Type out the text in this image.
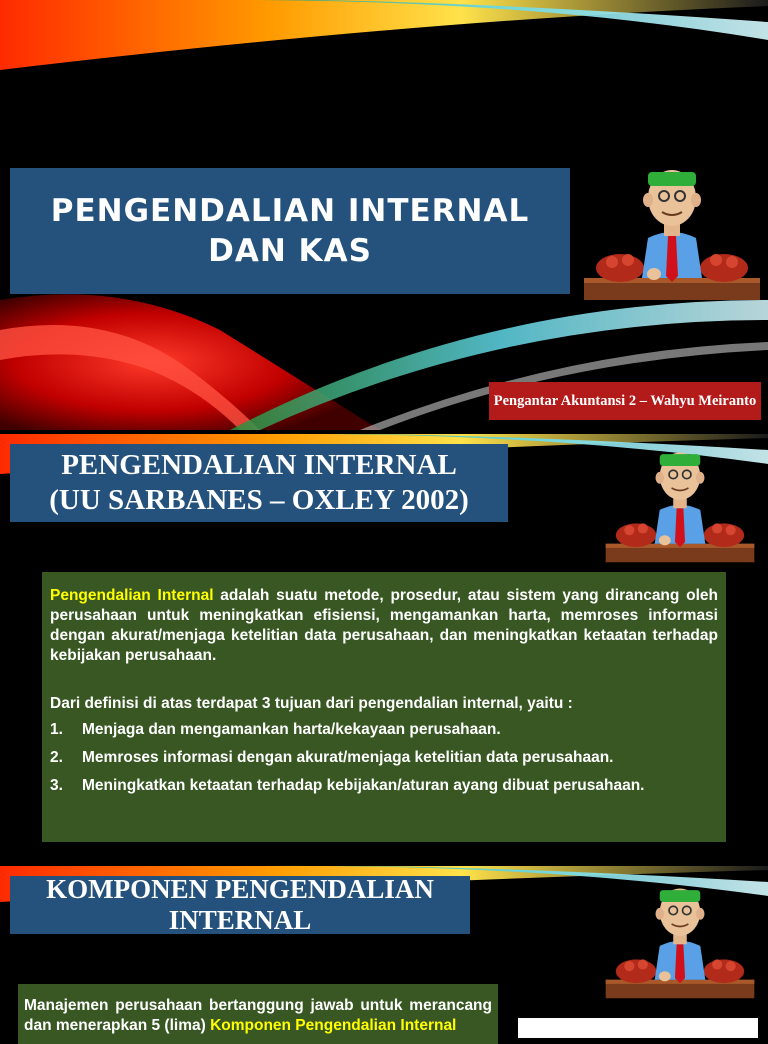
PENGENDALIAN INTERNAL DAN KAS
Pengantar Akuntansi 2 – Wahyu Meiranto
PENGENDALIAN INTERNAL
(UU SARBANES – OXLEY 2002)
Pengendalian Internal adalah suatu metode, prosedur, atau sistem yang dirancang oleh perusahaan untuk meningkatkan efisiensi, mengamankan harta, memroses informasi dengan akurat/menjaga ketelitian data perusahaan, dan meningkatkan ketaatan terhadap kebijakan perusahaan.
Dari definisi di atas terdapat 3 tujuan dari pengendalian internal, yaitu :
1.	Menjaga dan mengamankan harta/kekayaan perusahaan.
2.	Memroses informasi dengan akurat/menjaga ketelitian data perusahaan.
3.	Meningkatkan ketaatan terhadap kebijakan/aturan ayang dibuat perusahaan.
KOMPONEN PENGENDALIAN INTERNAL
Manajemen perusahaan bertanggung jawab untuk merancang dan menerapkan 5 (lima) Komponen Pengendalian Internal
